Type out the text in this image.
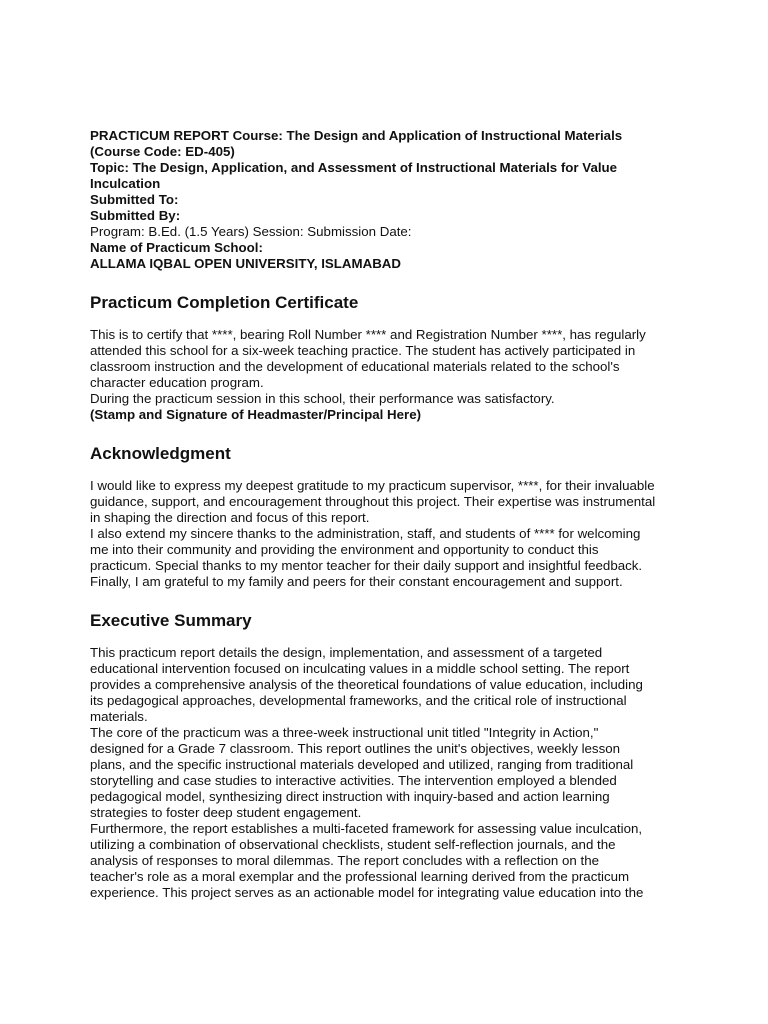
PRACTICUM REPORT Course: The Design and Application of Instructional Materials
(Course Code: ED-405)
Topic: The Design, Application, and Assessment of Instructional Materials for Value
Inculcation
Submitted To:
Submitted By:
Program: B.Ed. (1.5 Years) Session: Submission Date:
Name of Practicum School:
ALLAMA IQBAL OPEN UNIVERSITY, ISLAMABAD
Practicum Completion Certificate
This is to certify that ****, bearing Roll Number **** and Registration Number ****, has regularly
attended this school for a six-week teaching practice. The student has actively participated in
classroom instruction and the development of educational materials related to the school's
character education program.
During the practicum session in this school, their performance was satisfactory.
(Stamp and Signature of Headmaster/Principal Here)
Acknowledgment
I would like to express my deepest gratitude to my practicum supervisor, ****, for their invaluable
guidance, support, and encouragement throughout this project. Their expertise was instrumental
in shaping the direction and focus of this report.
I also extend my sincere thanks to the administration, staff, and students of **** for welcoming
me into their community and providing the environment and opportunity to conduct this
practicum. Special thanks to my mentor teacher for their daily support and insightful feedback.
Finally, I am grateful to my family and peers for their constant encouragement and support.
Executive Summary
This practicum report details the design, implementation, and assessment of a targeted
educational intervention focused on inculcating values in a middle school setting. The report
provides a comprehensive analysis of the theoretical foundations of value education, including
its pedagogical approaches, developmental frameworks, and the critical role of instructional
materials.
The core of the practicum was a three-week instructional unit titled "Integrity in Action,"
designed for a Grade 7 classroom. This report outlines the unit's objectives, weekly lesson
plans, and the specific instructional materials developed and utilized, ranging from traditional
storytelling and case studies to interactive activities. The intervention employed a blended
pedagogical model, synthesizing direct instruction with inquiry-based and action learning
strategies to foster deep student engagement.
Furthermore, the report establishes a multi-faceted framework for assessing value inculcation,
utilizing a combination of observational checklists, student self-reflection journals, and the
analysis of responses to moral dilemmas. The report concludes with a reflection on the
teacher's role as a moral exemplar and the professional learning derived from the practicum
experience. This project serves as an actionable model for integrating value education into the
